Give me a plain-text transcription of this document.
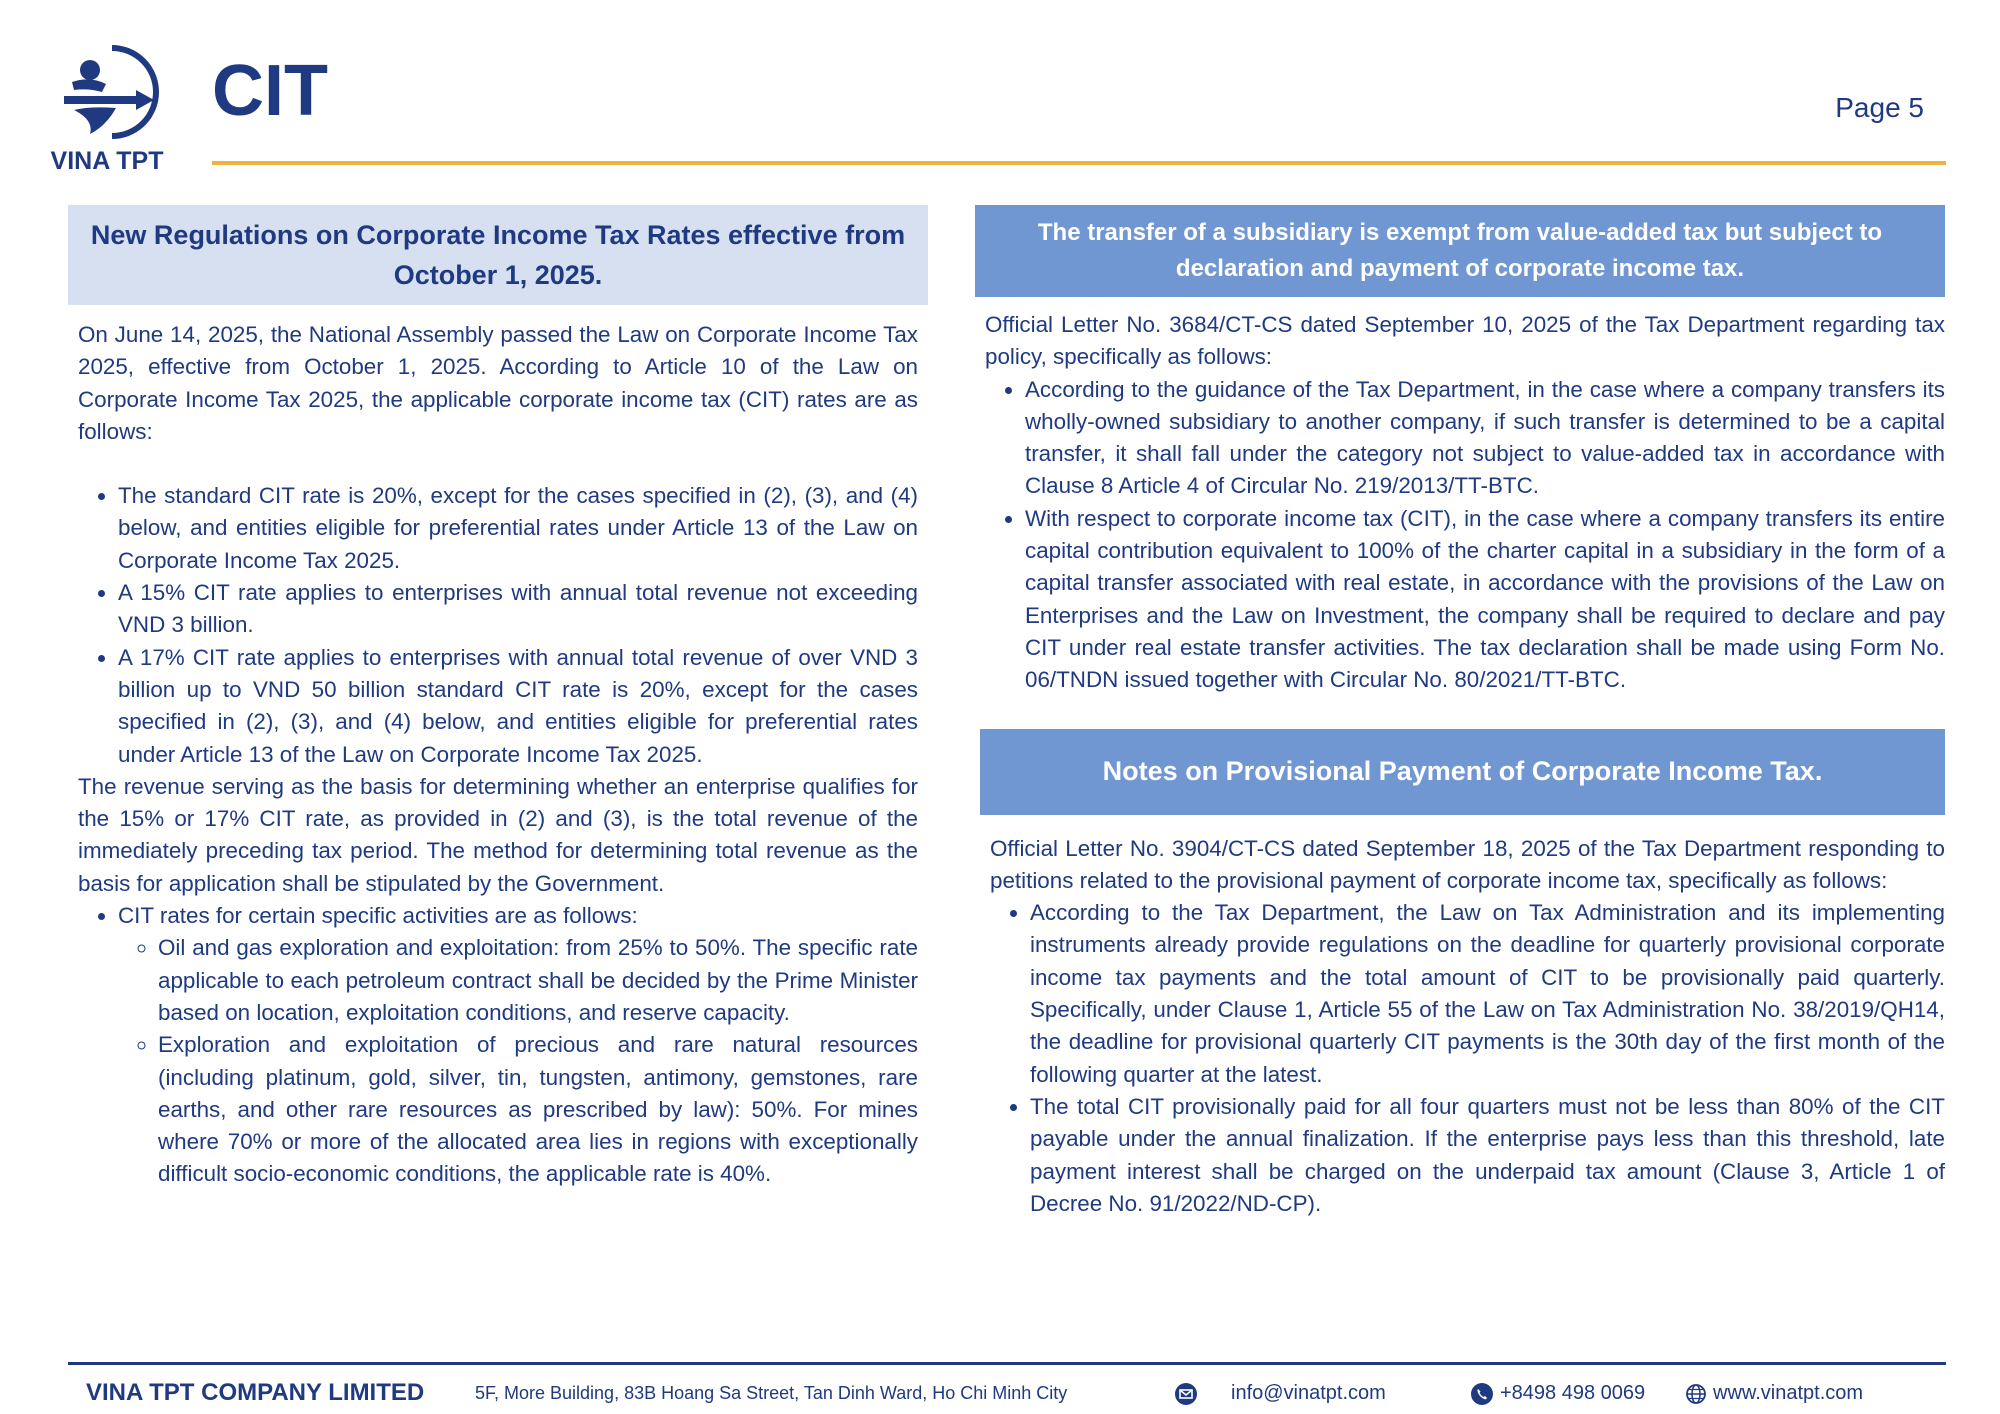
VINA TPT
CIT	Page 5
New Regulations on Corporate Income Tax Rates effective from October 1, 2025.

On June 14, 2025, the National Assembly passed the Law on Corporate Income Tax 2025, effective from October 1, 2025. According to Article 10 of the Law on Corporate Income Tax 2025, the applicable corporate income tax (CIT) rates are as follows:

• The standard CIT rate is 20%, except for the cases specified in (2), (3), and (4) below, and entities eligible for preferential rates under Article 13 of the Law on Corporate Income Tax 2025.
• A 15% CIT rate applies to enterprises with annual total revenue not exceeding VND 3 billion.
• A 17% CIT rate applies to enterprises with annual total revenue of over VND 3 billion up to VND 50 billion standard CIT rate is 20%, except for the cases specified in (2), (3), and (4) below, and entities eligible for preferential rates under Article 13 of the Law on Corporate Income Tax 2025.

The revenue serving as the basis for determining whether an enterprise qualifies for the 15% or 17% CIT rate, as provided in (2) and (3), is the total revenue of the immediately preceding tax period. The method for determining total revenue as the basis for application shall be stipulated by the Government.

• CIT rates for certain specific activities are as follows:
◦ Oil and gas exploration and exploitation: from 25% to 50%. The specific rate applicable to each petroleum contract shall be decided by the Prime Minister based on location, exploitation conditions, and reserve capacity.
◦ Exploration and exploitation of precious and rare natural resources (including platinum, gold, silver, tin, tungsten, antimony, gemstones, rare earths, and other rare resources as prescribed by law): 50%. For mines where 70% or more of the allocated area lies in regions with exceptionally difficult socio-economic conditions, the applicable rate is 40%.
The transfer of a subsidiary is exempt from value-added tax but subject to declaration and payment of corporate income tax.

Official Letter No. 3684/CT-CS dated September 10, 2025 of the Tax Department regarding tax policy, specifically as follows:

• According to the guidance of the Tax Department, in the case where a company transfers its wholly-owned subsidiary to another company, if such transfer is determined to be a capital transfer, it shall fall under the category not subject to value-added tax in accordance with Clause 8 Article 4 of Circular No. 219/2013/TT-BTC.
• With respect to corporate income tax (CIT), in the case where a company transfers its entire capital contribution equivalent to 100% of the charter capital in a subsidiary in the form of a capital transfer associated with real estate, in accordance with the provisions of the Law on Enterprises and the Law on Investment, the company shall be required to declare and pay CIT under real estate transfer activities. The tax declaration shall be made using Form No. 06/TNDN issued together with Circular No. 80/2021/TT-BTC.
Notes on Provisional Payment of Corporate Income Tax.

Official Letter No. 3904/CT-CS dated September 18, 2025 of the Tax Department responding to petitions related to the provisional payment of corporate income tax, specifically as follows:

• According to the Tax Department, the Law on Tax Administration and its implementing instruments already provide regulations on the deadline for quarterly provisional corporate income tax payments and the total amount of CIT to be provisionally paid quarterly. Specifically, under Clause 1, Article 55 of the Law on Tax Administration No. 38/2019/QH14, the deadline for provisional quarterly CIT payments is the 30th day of the first month of the following quarter at the latest.
• The total CIT provisionally paid for all four quarters must not be less than 80% of the CIT payable under the annual finalization. If the enterprise pays less than this threshold, late payment interest shall be charged on the underpaid tax amount (Clause 3, Article 1 of Decree No. 91/2022/ND-CP).
VINA TPT COMPANY LIMITED	5F, More Building, 83B Hoang Sa Street, Tan Dinh Ward, Ho Chi Minh City	info@vinatpt.com	+8498 498 0069	www.vinatpt.com
